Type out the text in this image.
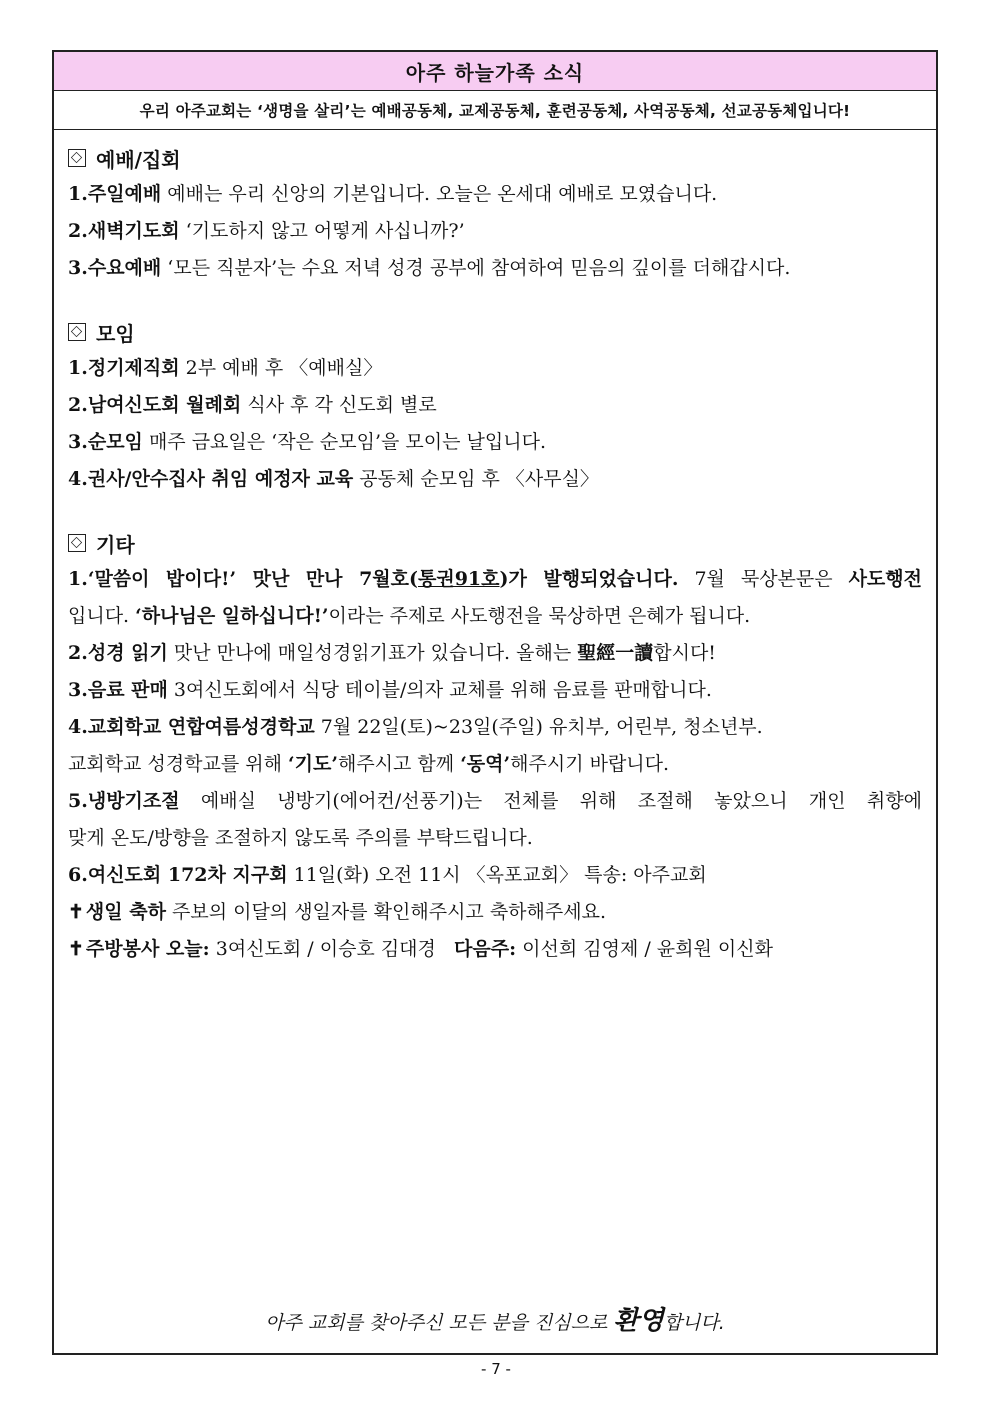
아주 하늘가족 소식
우리 아주교회는 ‘생명을 살리’는 예배공동체, 교제공동체, 훈련공동체, 사역공동체, 선교공동체입니다!
예배/집회
1.주일예배 예배는 우리 신앙의 기본입니다. 오늘은 온세대 예배로 모였습니다.
2.새벽기도회 ‘기도하지 않고 어떻게 사십니까?’
3.수요예배 ‘모든 직분자’는 수요 저녁 성경 공부에 참여하여 믿음의 깊이를 더해갑시다.
모임
1.정기제직회 2부 예배 후 〈예배실〉
2.남여신도회 월례회 식사 후 각 신도회 별로
3.순모임 매주 금요일은 ‘작은 순모임’을 모이는 날입니다.
4.권사/안수집사 취임 예정자 교육 공동체 순모임 후 〈사무실〉
기타
1.‘말씀이 밥이다!’ 맛난 만나 7월호(통권91호)가 발행되었습니다. 7월 묵상본문은 사도행전
입니다. ‘하나님은 일하십니다!’이라는 주제로 사도행전을 묵상하면 은혜가 됩니다.
2.성경 읽기 맛난 만나에 매일성경읽기표가 있습니다. 올해는 聖經一讀합시다!
3.음료 판매 3여신도회에서 식당 테이블/의자 교체를 위해 음료를 판매합니다.
4.교회학교 연합여름성경학교 7월 22일(토)~23일(주일) 유치부, 어린부, 청소년부.
교회학교 성경학교를 위해 ‘기도’해주시고 함께 ‘동역’해주시기 바랍니다.
5.냉방기조절 예배실 냉방기(에어컨/선풍기)는 전체를 위해 조절해 놓았으니 개인 취향에
맞게 온도/방향을 조절하지 않도록 주의를 부탁드립니다.
6.여신도회 172차 지구회 11일(화) 오전 11시 〈옥포교회〉 특송: 아주교회
✝ 생일 축하 주보의 이달의 생일자를 확인해주시고 축하해주세요.
✝ 주방봉사 오늘: 3여신도회 / 이승호 김대경 다음주: 이선희 김영제 / 윤희원 이신화
아주 교회를 찾아주신 모든 분을 진심으로 환영합니다.
- 7 -
